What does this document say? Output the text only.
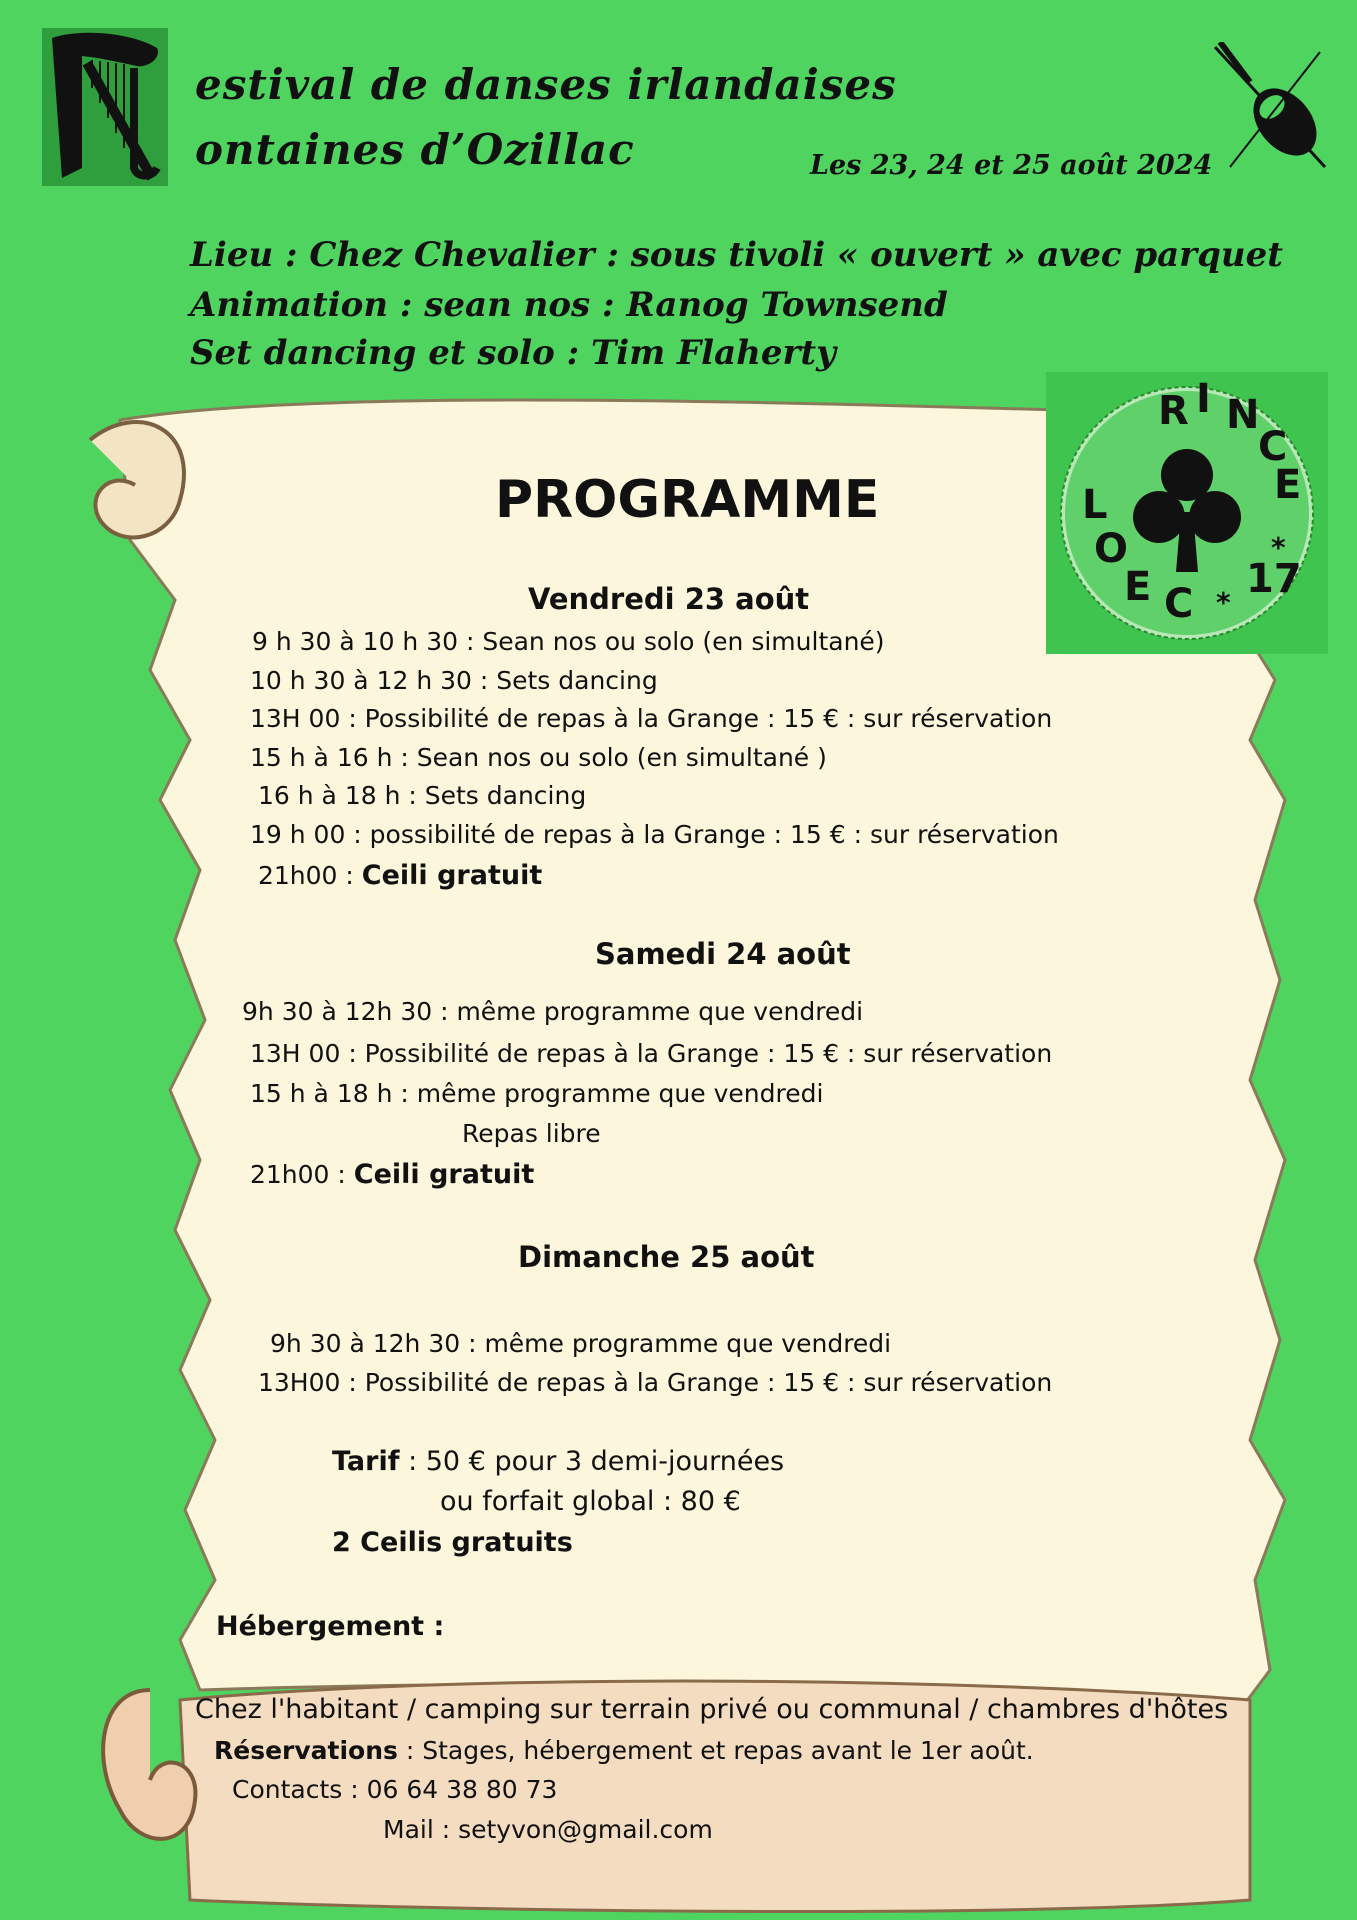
estival de danses irlandaises
ontaines d’Ozillac	Les 23, 24 et 25 août 2024
Lieu : Chez Chevalier : sous tivoli « ouvert » avec parquet
Animation : sean nos : Ranog Townsend
Set dancing et solo : Tim Flaherty
R I N
C
E
*
17
*
C
E
O
L
PROGRAMME
Vendredi 23 août
9 h 30 à 10 h 30 : Sean nos ou solo (en simultané)
10 h 30 à 12 h 30 : Sets dancing
13H 00 : Possibilité de repas à la Grange : 15 € : sur réservation
15 h à 16 h : Sean nos ou solo (en simultané )
16 h à 18 h : Sets dancing
19 h 00 : possibilité de repas à la Grange : 15 € : sur réservation
21h00 : Ceili gratuit
Samedi 24 août
9h 30 à 12h 30 : même programme que vendredi
13H 00 : Possibilité de repas à la Grange : 15 € : sur réservation
15 h à 18 h : même programme que vendredi
Repas libre
21h00 : Ceili gratuit
Dimanche 25 août
9h 30 à 12h 30 : même programme que vendredi
13H00 : Possibilité de repas à la Grange : 15 € : sur réservation
Tarif : 50 € pour 3 demi-journées
ou forfait global : 80 €
2 Ceilis gratuits
Hébergement :
Chez l'habitant / camping sur terrain privé ou communal / chambres d'hôtes
Réservations : Stages, hébergement et repas avant le 1er août.
Contacts : 06 64 38 80 73
Mail : setyvon@gmail.com
